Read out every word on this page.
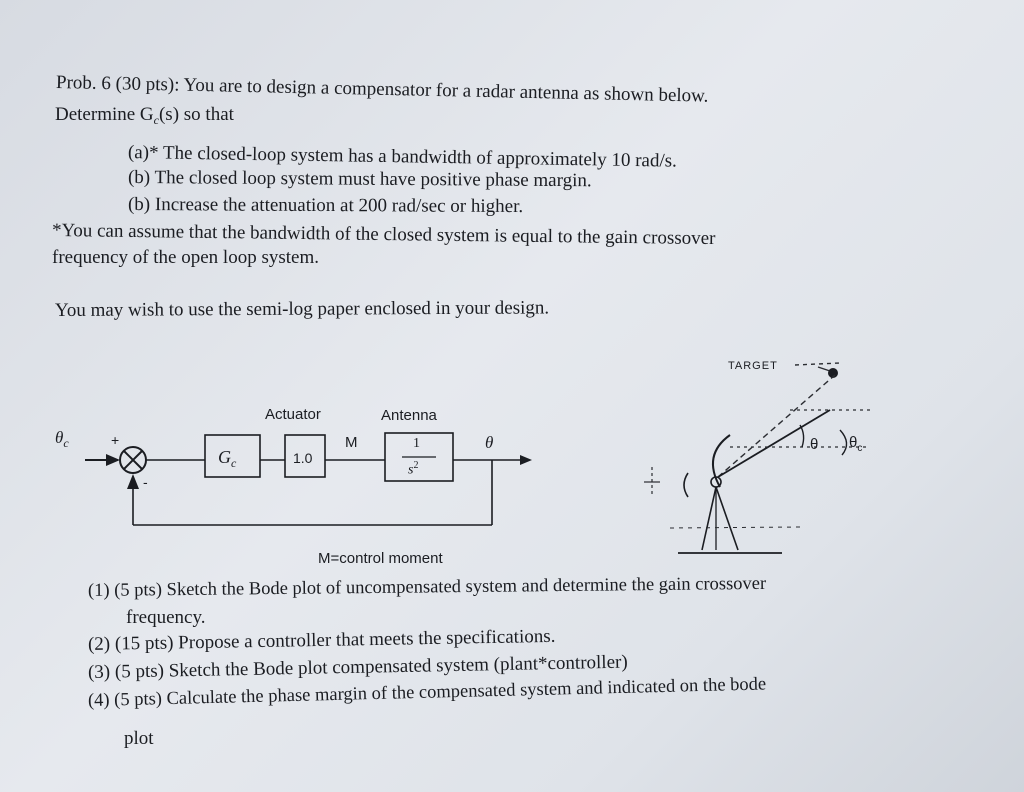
Prob. 6 (30 pts): You are to design a compensator for a radar antenna as shown below.
Determine $G_c(s)$ so that
(a)* The closed-loop system has a bandwidth of approximately 10 rad/s.
(b) The closed loop system must have positive phase margin.
(b) Increase the attenuation at 200 rad/sec or higher.
*You can assume that the bandwidth of the closed system is equal to the gain crossover
frequency of the open loop system.
You may wish to use the semi-log paper enclosed in your design.
$\theta_c$	+
-
Actuator	Antenna
$G_c$	1.0
M	1
$s^2$
θ
M=control moment
TARGET
θ $\theta_c$
(1) (5 pts) Sketch the Bode plot of uncompensated system and determine the gain crossover
frequency.
(2) (15 pts) Propose a controller that meets the specifications.
(3) (5 pts) Sketch the Bode plot compensated system (plant*controller)
(4) (5 pts) Calculate the phase margin of the compensated system and indicated on the bode
plot
